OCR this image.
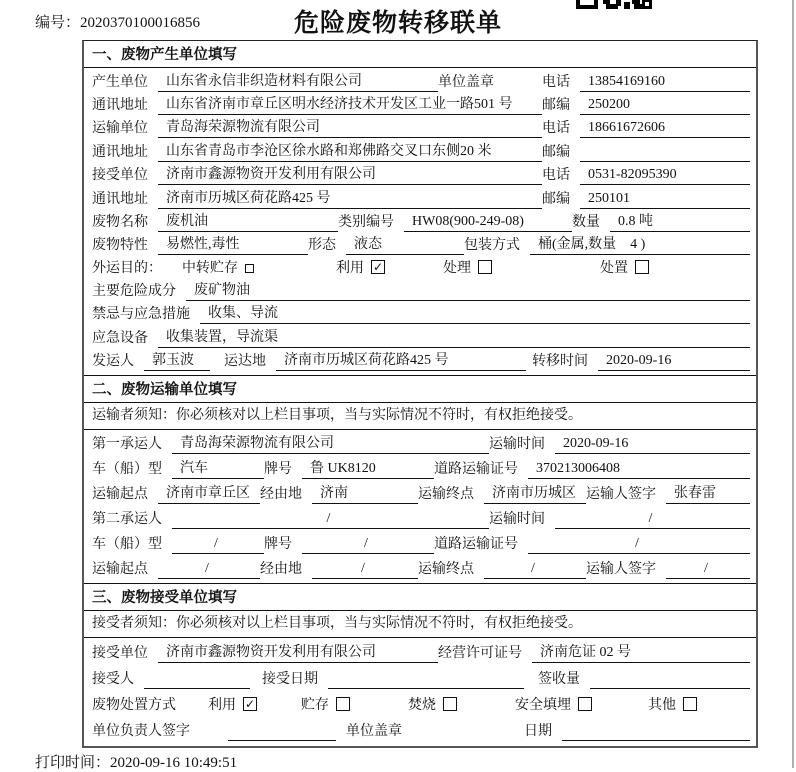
编号：2020370100016856	危险废物转移联单
一、废物产生单位填写
产生单位	山东省永信非织造材料有限公司	单位盖章	电话	13854169160
通讯地址	山东省济南市章丘区明水经济技术开发区工业一路501 号	邮编	250200
运输单位	青岛海荣源物流有限公司	电话	18661672606
通讯地址	山东省青岛市李沧区徐水路和郑佛路交叉口东侧20 米	邮编
接受单位	济南市鑫源物资开发利用有限公司	电话	0531-82095390
通讯地址	济南市历城区荷花路425 号	邮编	250101
废物名称	废机油	类别编号	HW08(900-249-08)	数量	0.8 吨
废物特性	易燃性,毒性	形态	液态	包装方式	桶(金属,数量　4 )
外运目的： 中转贮存	利用 ✓	处理	处置
主要危险成分	废矿物油
禁忌与应急措施	收集、导流
应急设备	收集装置，导流渠
发运人	郭玉波	运达地	济南市历城区荷花路425 号	转移时间	2020-09-16
二、废物运输单位填写
运输者须知：你必须核对以上栏目事项，当与实际情况不符时，有权拒绝接受。
第一承运人	青岛海荣源物流有限公司	运输时间	2020-09-16
车（船）型	汽车	牌号	鲁 UK8120	道路运输证号	370213006408
运输起点	济南市章丘区 经由地	济南	运输终点	济南市历城区 运输人签字	张春雷
第二承运人	/	运输时间	/
车（船）型	/	牌号	/	道路运输证号	/
运输起点	/	经由地	/	运输终点	/	运输人签字	/
三、废物接受单位填写
接受者须知：你必须核对以上栏目事项，当与实际情况不符时，有权拒绝接受。
接受单位	济南市鑫源物资开发利用有限公司	经营许可证号	济南危证 02 号
接受人	接受日期	签收量
废物处置方式 利用 ✓	贮存	焚烧	安全填埋	其他
单位负责人签字	单位盖章	日期
打印时间：2020-09-16 10:49:51
